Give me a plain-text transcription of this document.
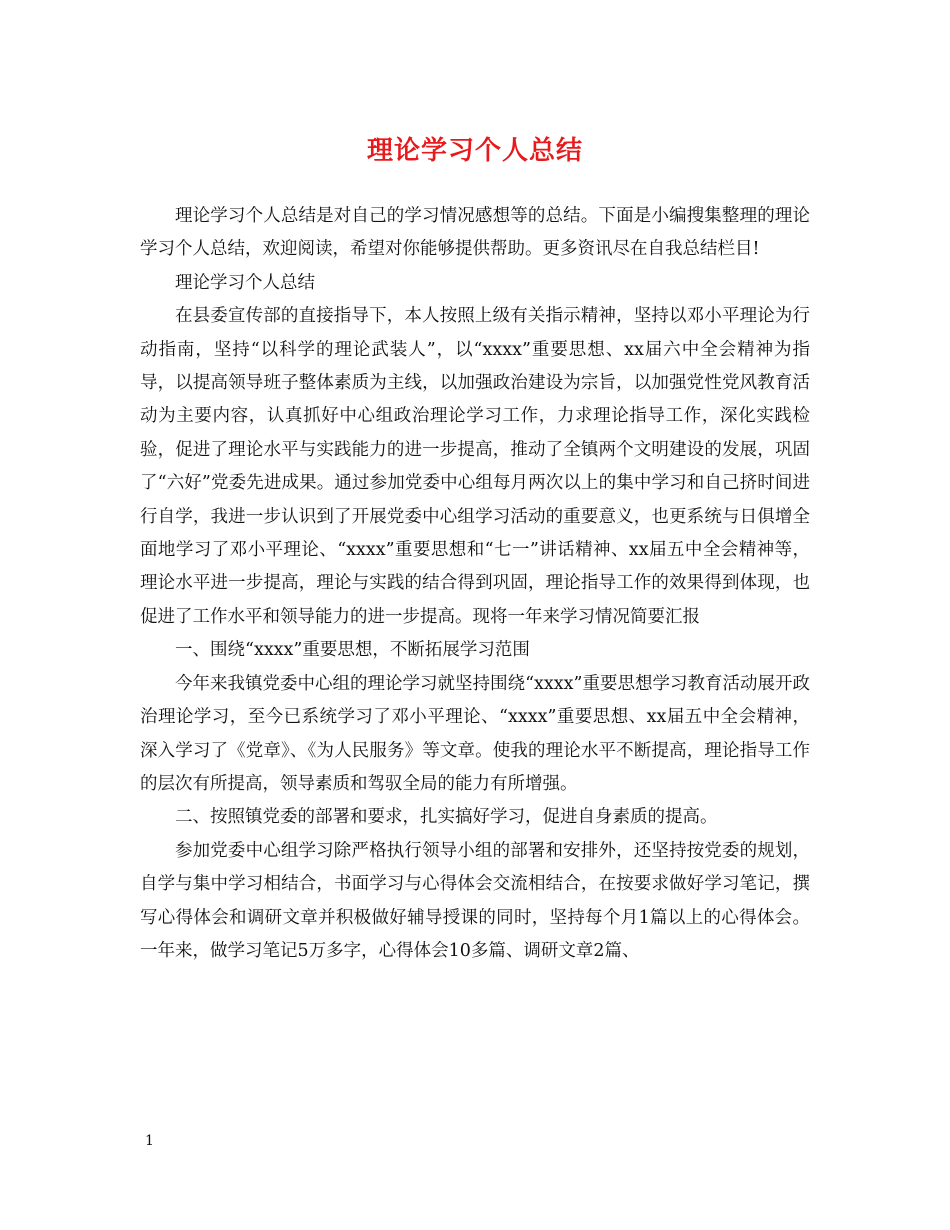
理论学习个人总结

理论学习个人总结是对自己的学习情况感想等的总结。下面是小编搜集整理的理论学习个人总结，欢迎阅读，希望对你能够提供帮助。更多资讯尽在自我总结栏目!

理论学习个人总结

在县委宣传部的直接指导下，本人按照上级有关指示精神，坚持以邓小平理论为行动指南，坚持“以科学的理论武装人”，以“xxxx”重要思想、xx届六中全会精神为指导，以提高领导班子整体素质为主线，以加强政治建设为宗旨，以加强党性党风教育活动为主要内容，认真抓好中心组政治理论学习工作，力求理论指导工作，深化实践检验，促进了理论水平与实践能力的进一步提高，推动了全镇两个文明建设的发展，巩固了“六好”党委先进成果。通过参加党委中心组每月两次以上的集中学习和自己挤时间进行自学，我进一步认识到了开展党委中心组学习活动的重要意义，也更系统与日俱增全面地学习了邓小平理论、“xxxx”重要思想和“七一”讲话精神、xx届五中全会精神等，理论水平进一步提高，理论与实践的结合得到巩固，理论指导工作的效果得到体现，也促进了工作水平和领导能力的进一步提高。现将一年来学习情况简要汇报

一、围绕“xxxx”重要思想，不断拓展学习范围

今年来我镇党委中心组的理论学习就坚持围绕“xxxx”重要思想学习教育活动展开政治理论学习，至今已系统学习了邓小平理论、“xxxx”重要思想、xx届五中全会精神，深入学习了《党章》、《为人民服务》等文章。使我的理论水平不断提高，理论指导工作的层次有所提高，领导素质和驾驭全局的能力有所增强。

二、按照镇党委的部署和要求，扎实搞好学习，促进自身素质的提高。

参加党委中心组学习除严格执行领导小组的部署和安排外，还坚持按党委的规划，自学与集中学习相结合，书面学习与心得体会交流相结合，在按要求做好学习笔记，撰写心得体会和调研文章并积极做好辅导授课的同时，坚持每个月1篇以上的心得体会。一年来，做学习笔记5万多字，心得体会10多篇、调研文章2篇、

1
